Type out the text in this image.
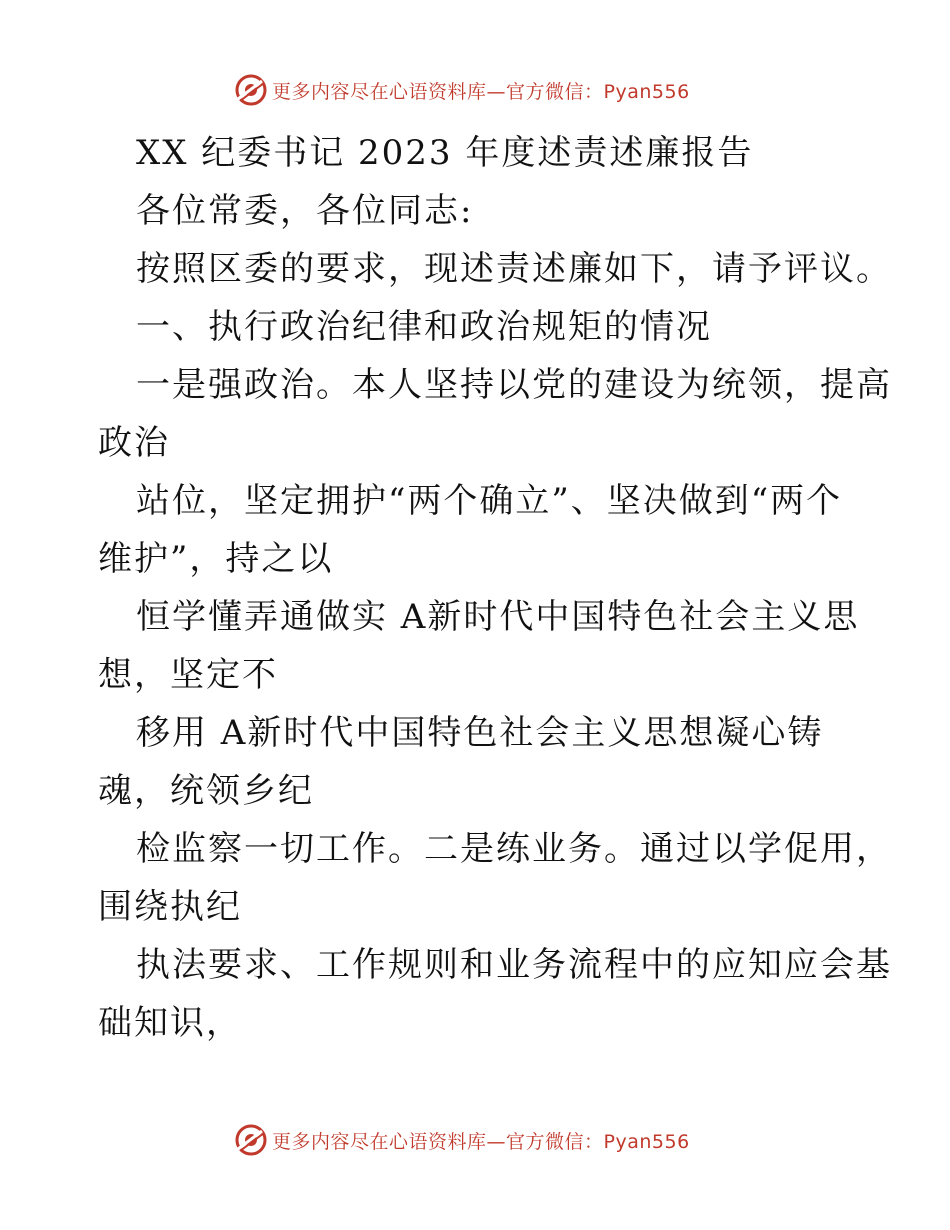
更多内容尽在心语资料库—官方微信：Pyan556
XX 纪委书记 2023 年度述责述廉报告
各位常委，各位同志:
按照区委的要求，现述责述廉如下，请予评议。
一、执行政治纪律和政治规矩的情况
一是强政治。本人坚持以党的建设为统领，提高
政治
站位，坚定拥护“两个确立”、坚决做到“两个
维护”，持之以
恒学懂弄通做实 A新时代中国特色社会主义思
想，坚定不
移用 A新时代中国特色社会主义思想凝心铸
魂，统领乡纪
检监察一切工作。二是练业务。通过以学促用，
围绕执纪
执法要求、工作规则和业务流程中的应知应会基
础知识，
更多内容尽在心语资料库—官方微信：Pyan556
